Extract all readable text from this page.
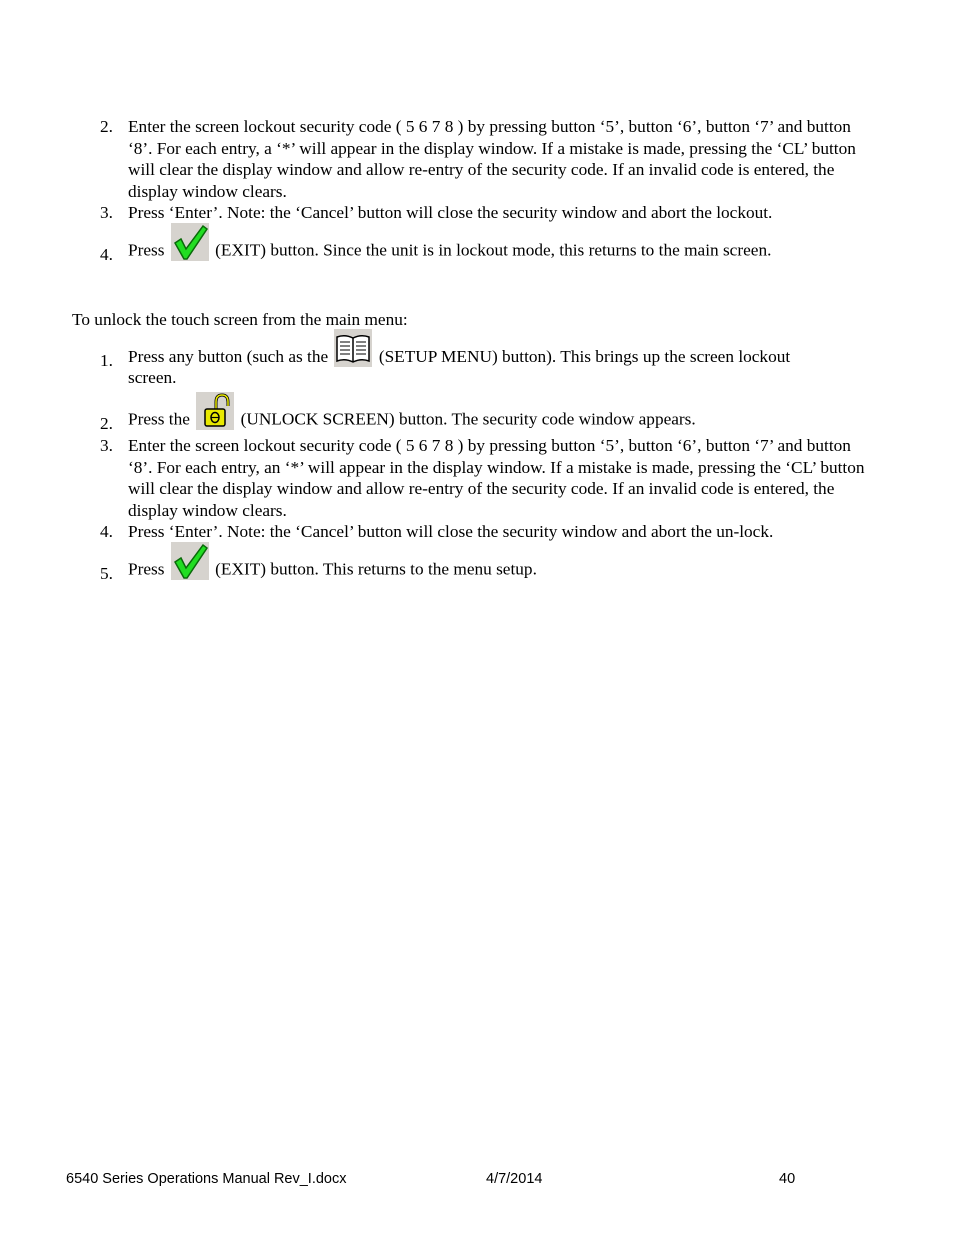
2. Enter the screen lockout security code ( 5 6 7 8 ) by pressing button ‘5’, button ‘6’, button ‘7’ and button ‘8’. For each entry, a ‘*’ will appear in the display window. If a mistake is made, pressing the ‘CL’ button will clear the display window and allow re-entry of the security code. If an invalid code is entered, the display window clears.
3. Press ‘Enter’. Note: the ‘Cancel’ button will close the security window and abort the lockout.
4. Press	(EXIT) button. Since the unit is in lockout mode, this returns to the main screen.
To unlock the touch screen from the main menu:
1. Press any button (such as the	(SETUP MENU) button). This brings up the screen lockout
screen.
2. Press the	(UNLOCK SCREEN) button. The security code window appears.
3. Enter the screen lockout security code ( 5 6 7 8 ) by pressing button ‘5’, button ‘6’, button ‘7’ and button ‘8’. For each entry, an ‘*’ will appear in the display window. If a mistake is made, pressing the ‘CL’ button will clear the display window and allow re-entry of the security code. If an invalid code is entered, the display window clears.
4. Press ‘Enter’. Note: the ‘Cancel’ button will close the security window and abort the un-lock.
5. Press	(EXIT) button. This returns to the menu setup.
6540 Series Operations Manual Rev_I.docx	4/7/2014	40
